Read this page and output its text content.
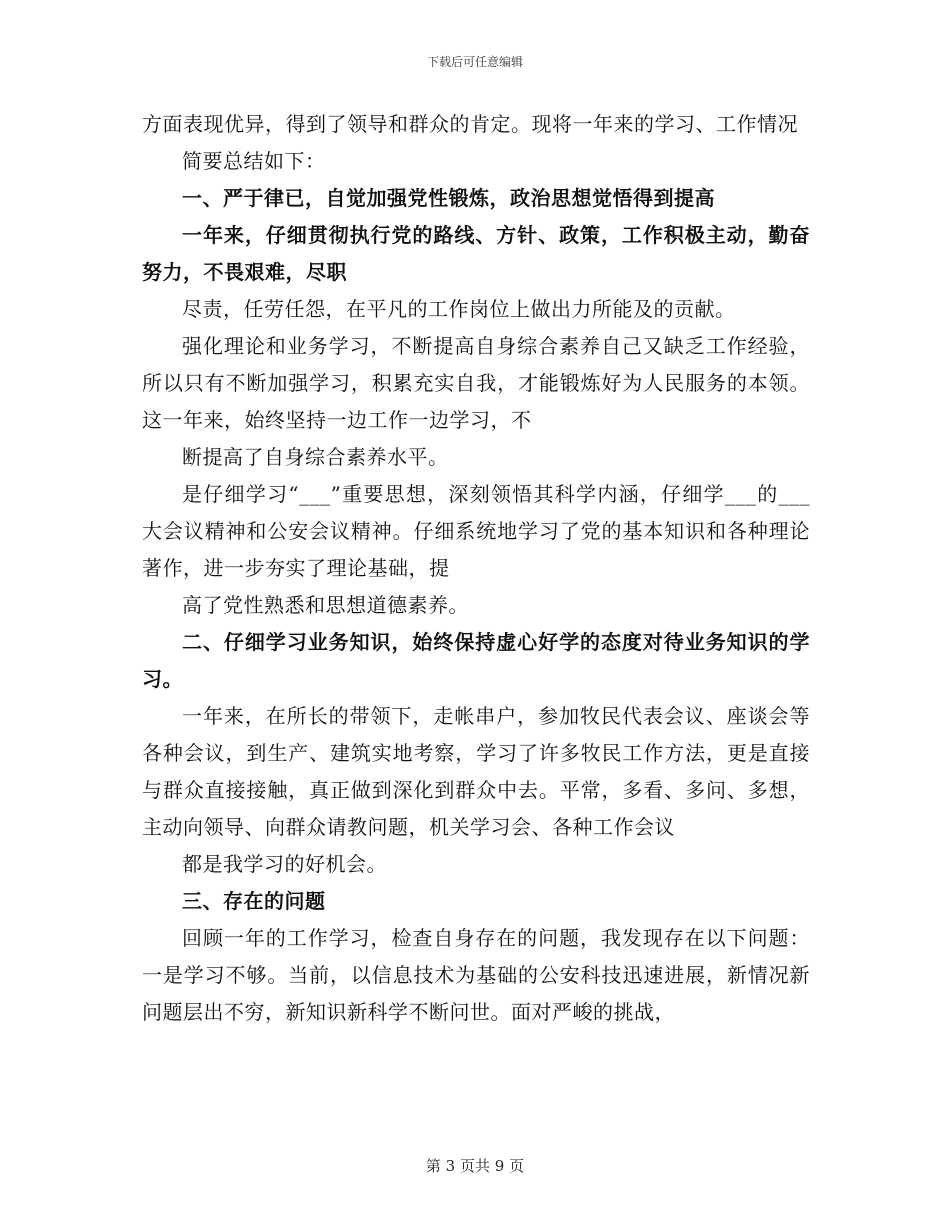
下载后可任意编辑

方面表现优异，得到了领导和群众的肯定。现将一年来的学习、工作情况

简要总结如下：

一、严于律已，自觉加强党性锻炼，政治思想觉悟得到提高

一年来，仔细贯彻执行党的路线、方针、政策，工作积极主动，勤奋努力，不畏艰难，尽职

尽责，任劳任怨，在平凡的工作岗位上做出力所能及的贡献。

强化理论和业务学习，不断提高自身综合素养自己又缺乏工作经验，所以只有不断加强学习，积累充实自我，才能锻炼好为人民服务的本领。这一年来，始终坚持一边工作一边学习，不

断提高了自身综合素养水平。

是仔细学习“___”重要思想，深刻领悟其科学内涵，仔细学___的___大会议精神和公安会议精神。仔细系统地学习了党的基本知识和各种理论著作，进一步夯实了理论基础，提

高了党性熟悉和思想道德素养。

二、仔细学习业务知识，始终保持虚心好学的态度对待业务知识的学习。

一年来，在所长的带领下，走帐串户，参加牧民代表会议、座谈会等各种会议，到生产、建筑实地考察，学习了许多牧民工作方法，更是直接与群众直接接触，真正做到深化到群众中去。平常，多看、多问、多想，主动向领导、向群众请教问题，机关学习会、各种工作会议

都是我学习的好机会。

三、存在的问题

回顾一年的工作学习，检查自身存在的问题，我发现存在以下问题：一是学习不够。当前，以信息技术为基础的公安科技迅速进展，新情况新问题层出不穷，新知识新科学不断问世。面对严峻的挑战，

第 3 页共 9 页
